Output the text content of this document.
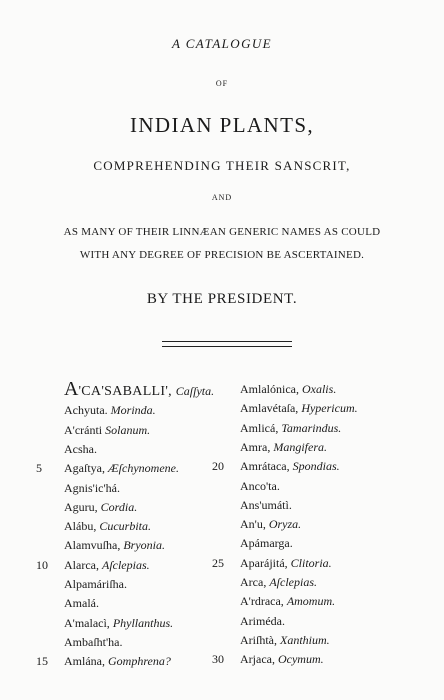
A CATALOGUE
OF
INDIAN PLANTS,
COMPREHENDING THEIR SANSCRIT,
AND
AS MANY OF THEIR LINNÆAN GENERIC NAMES AS COULD
WITH ANY DEGREE OF PRECISION BE ASCERTAINED.
BY THE PRESIDENT.
A'CA'SABALLI', Caſſyta.
Achyuta. Morinda.
A'cránti Solanum.
Acsha.
5	Agaſtya, Æſchynomene.
Agnis'ic'há.
Aguru, Cordia.
Alábu, Cucurbita.
Alamvuſha, Bryonia.
10	Alarca, Aſclepias.
Alpamáriſha.
Amalá.
A'malacì, Phyllanthus.
Ambaſht'ha.
15	Amlána, Gomphrena?
Amlalónica, Oxalis.
Amlavétaſa, Hypericum.
Amlicá, Tamarindus.
Amra, Mangifera.
20	Amrátaca, Spondias.
Anco'ta.
Ans'umátì.
An'u, Oryza.
Apámarga.
25	Aparájitá, Clitoria.
Arca, Aſclepias.
A'rdraca, Amomum.
Ariméda.
Ariſhtà, Xanthium.
30	Arjaca, Ocymum.
